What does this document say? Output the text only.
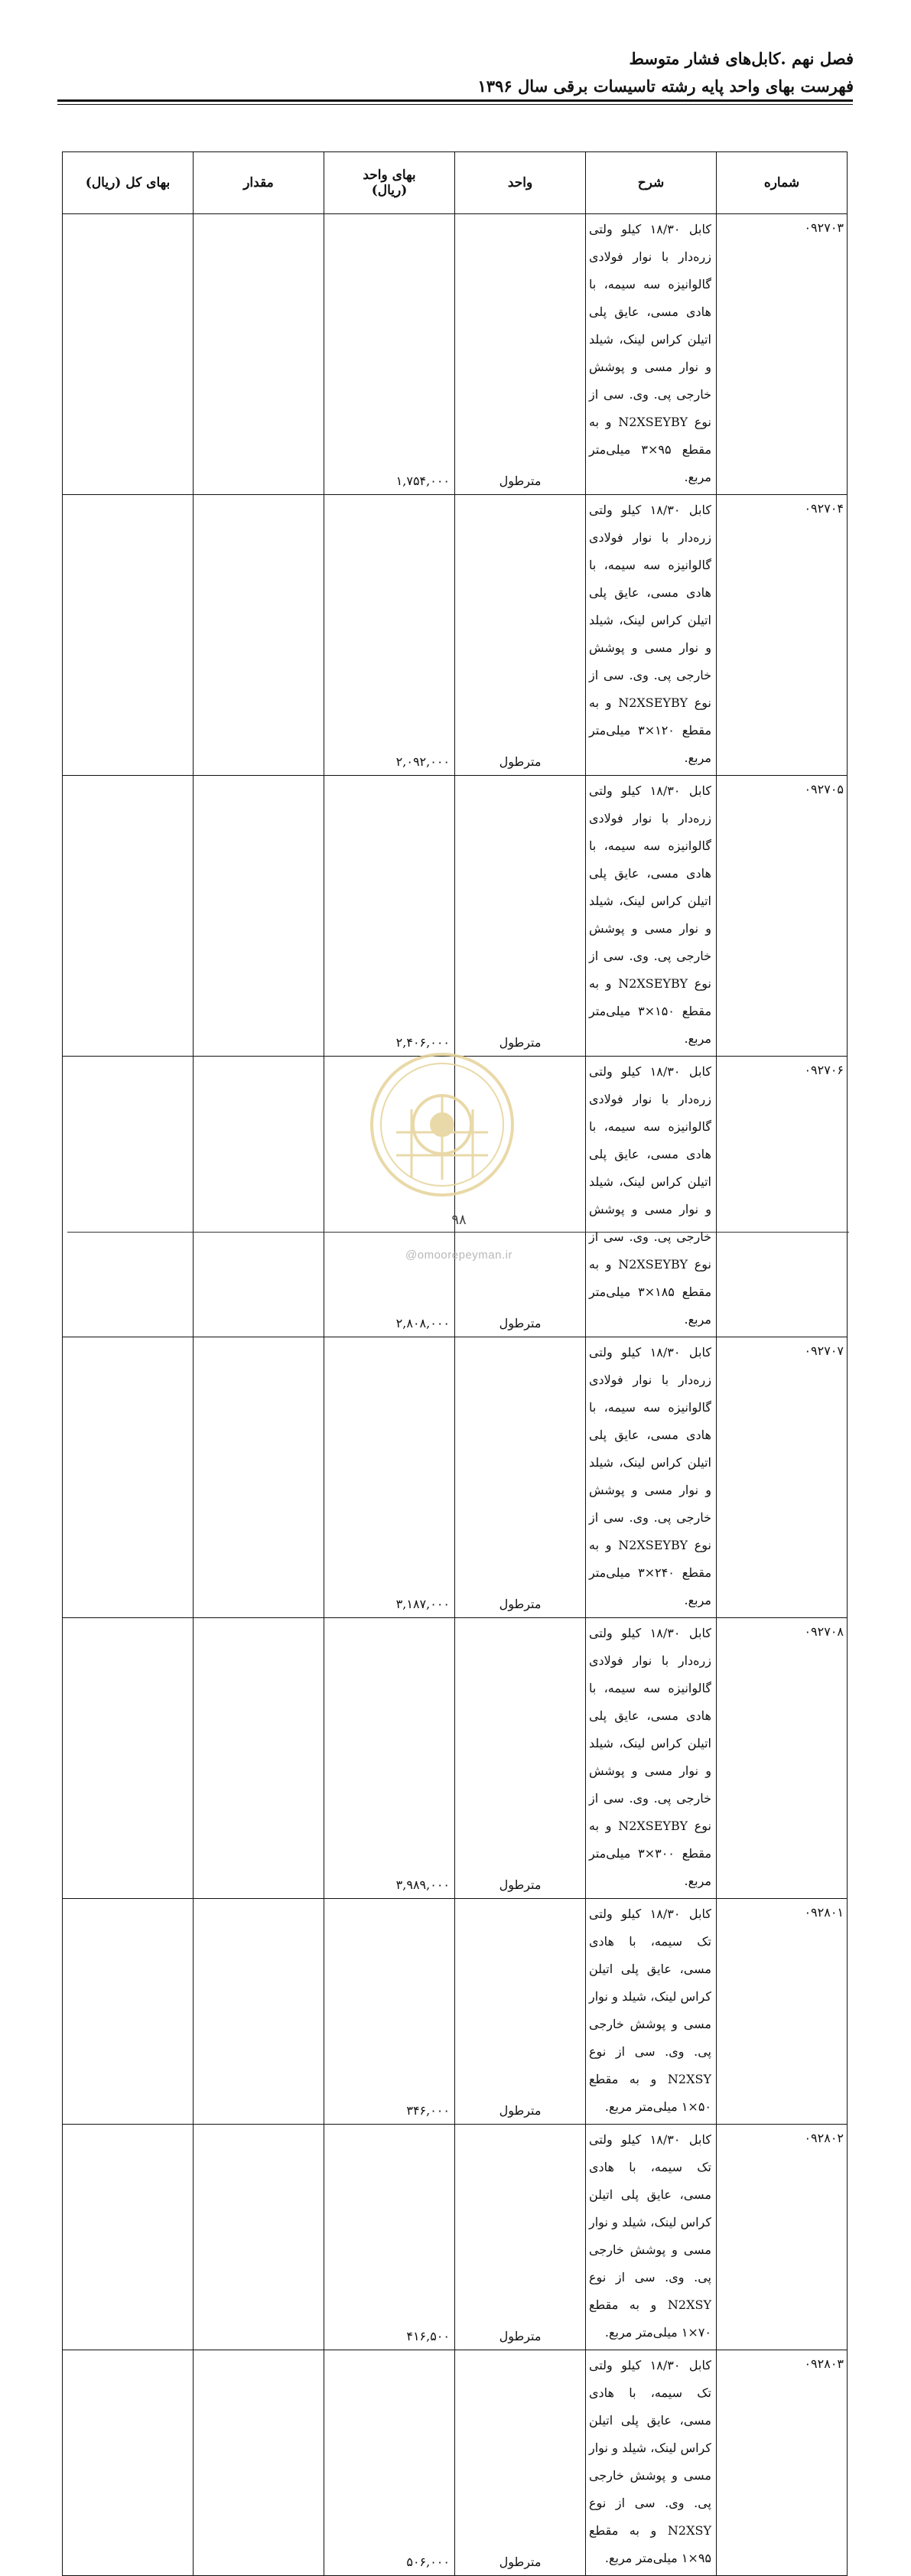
فصل نهم .کابل‌های فشار متوسط
فهرست بهای واحد پایه رشته تاسیسات برقی سال ۱۳۹۶
شماره	شرح	واحد	بهای واحد
(ریال)	مقدار	بهای کل (ریال)
۰۹۲۷۰۳	کابل ۱۸/۳۰ کیلو ولتی زره‌دار با نوار فولادی گالوانیزه سه سیمه، با هادی مسی، عایق پلی اتیلن کراس لینک، شیلد و نوار مسی و پوشش خارجی پی. وی. سی از نوع N2XSEYBY و به مقطع ۹۵×۳ میلی‌متر مربع.	مترطول	۱,۷۵۴,۰۰۰		
۰۹۲۷۰۴	کابل ۱۸/۳۰ کیلو ولتی زره‌دار با نوار فولادی گالوانیزه سه سیمه، با هادی مسی، عایق پلی اتیلن کراس لینک، شیلد و نوار مسی و پوشش خارجی پی. وی. سی از نوع N2XSEYBY و به مقطع ۱۲۰×۳ میلی‌متر مربع.	مترطول	۲,۰۹۲,۰۰۰		
۰۹۲۷۰۵	کابل ۱۸/۳۰ کیلو ولتی زره‌دار با نوار فولادی گالوانیزه سه سیمه، با هادی مسی، عایق پلی اتیلن کراس لینک، شیلد و نوار مسی و پوشش خارجی پی. وی. سی از نوع N2XSEYBY و به مقطع ۱۵۰×۳ میلی‌متر مربع.	مترطول	۲,۴۰۶,۰۰۰		
۰۹۲۷۰۶	کابل ۱۸/۳۰ کیلو ولتی زره‌دار با نوار فولادی گالوانیزه سه سیمه، با هادی مسی، عایق پلی اتیلن کراس لینک، شیلد و نوار مسی و پوشش خارجی پی. وی. سی از نوع N2XSEYBY و به مقطع ۱۸۵×۳ میلی‌متر مربع.	مترطول	۲,۸۰۸,۰۰۰		
۰۹۲۷۰۷	کابل ۱۸/۳۰ کیلو ولتی زره‌دار با نوار فولادی گالوانیزه سه سیمه، با هادی مسی، عایق پلی اتیلن کراس لینک، شیلد و نوار مسی و پوشش خارجی پی. وی. سی از نوع N2XSEYBY و به مقطع ۲۴۰×۳ میلی‌متر مربع.	مترطول	۳,۱۸۷,۰۰۰		
۰۹۲۷۰۸	کابل ۱۸/۳۰ کیلو ولتی زره‌دار با نوار فولادی گالوانیزه سه سیمه، با هادی مسی، عایق پلی اتیلن کراس لینک، شیلد و نوار مسی و پوشش خارجی پی. وی. سی از نوع N2XSEYBY و به مقطع ۳۰۰×۳ میلی‌متر مربع.	مترطول	۳,۹۸۹,۰۰۰		
۰۹۲۸۰۱	کابل ۱۸/۳۰ کیلو ولتی تک سیمه، با هادی مسی، عایق پلی اتیلن کراس لینک، شیلد و نوار مسی و پوشش خارجی پی. وی. سی از نوع N2XSY و به مقطع ۵۰×۱ میلی‌متر مربع.	مترطول	۳۴۶,۰۰۰		
۰۹۲۸۰۲	کابل ۱۸/۳۰ کیلو ولتی تک سیمه، با هادی مسی، عایق پلی اتیلن کراس لینک، شیلد و نوار مسی و پوشش خارجی پی. وی. سی از نوع N2XSY و به مقطع ۷۰×۱ میلی‌متر مربع.	مترطول	۴۱۶,۵۰۰		
۰۹۲۸۰۳	کابل ۱۸/۳۰ کیلو ولتی تک سیمه، با هادی مسی، عایق پلی اتیلن کراس لینک، شیلد و نوار مسی و پوشش خارجی پی. وی. سی از نوع N2XSY و به مقطع ۹۵×۱ میلی‌متر مربع.	مترطول	۵۰۶,۰۰۰		
۹۸
@omoorepeyman.ir
